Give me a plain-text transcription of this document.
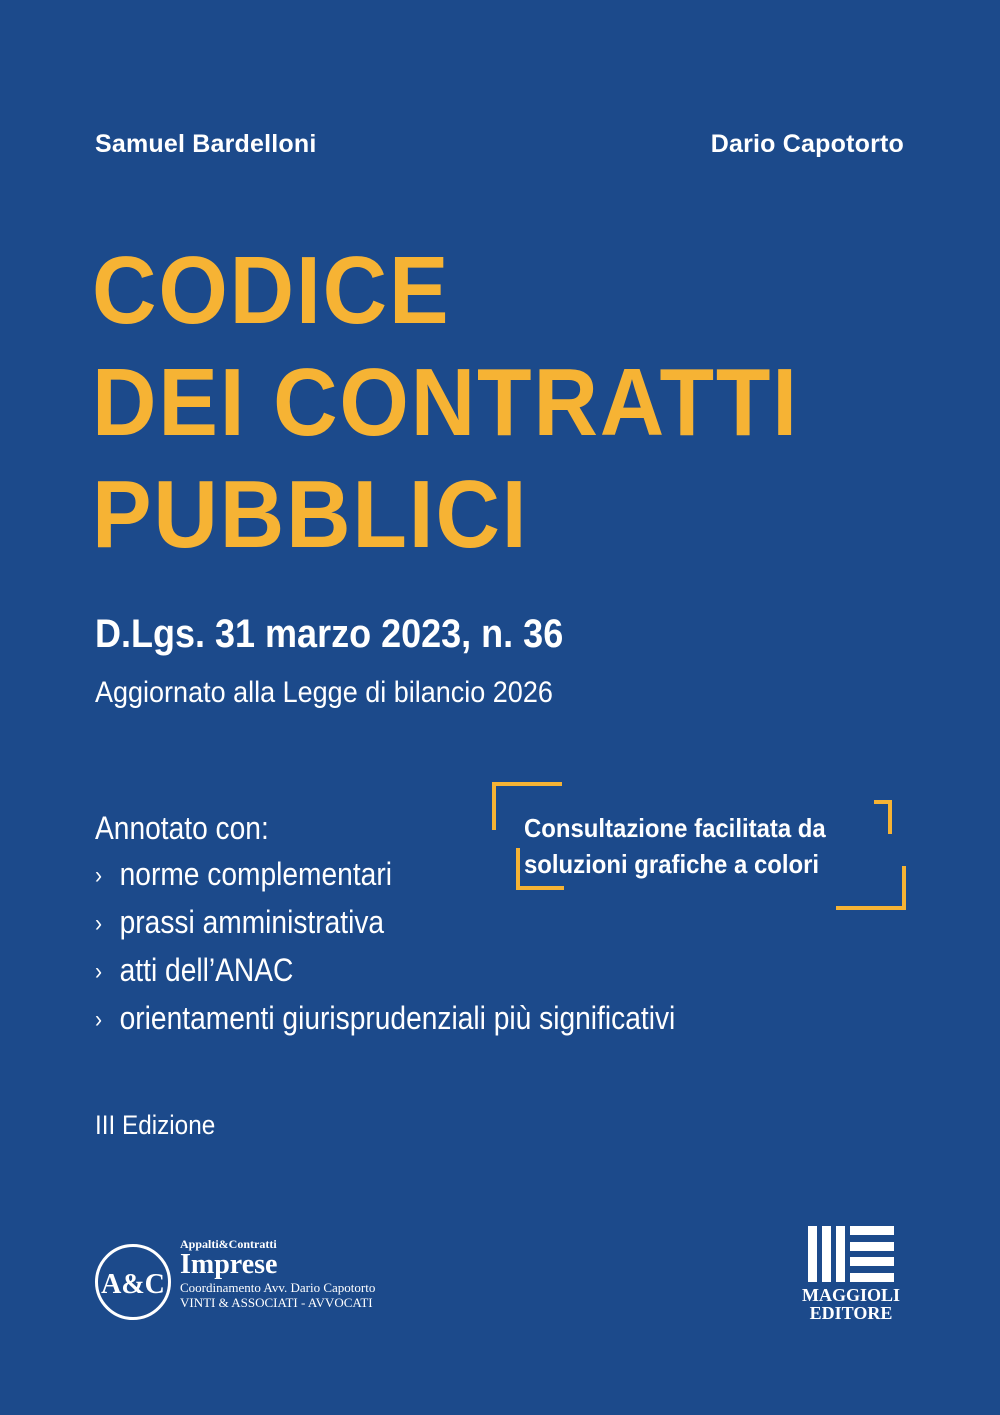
Samuel Bardelloni	Dario Capotorto
CODICE
DEI CONTRATTI
PUBBLICI
D.Lgs. 31 marzo 2023, n. 36
Aggiornato alla Legge di bilancio 2026
Annotato con:
› norme complementari
› prassi amministrativa
› atti dell’ANAC
› orientamenti giurisprudenziali più significativi
Consultazione facilitata da
soluzioni grafiche a colori
III Edizione
A&C
Appalti&Contratti
Imprese
Coordinamento Avv. Dario Capotorto
VINTI & ASSOCIATI - AVVOCATI	MAGGIOLI
EDITORE
